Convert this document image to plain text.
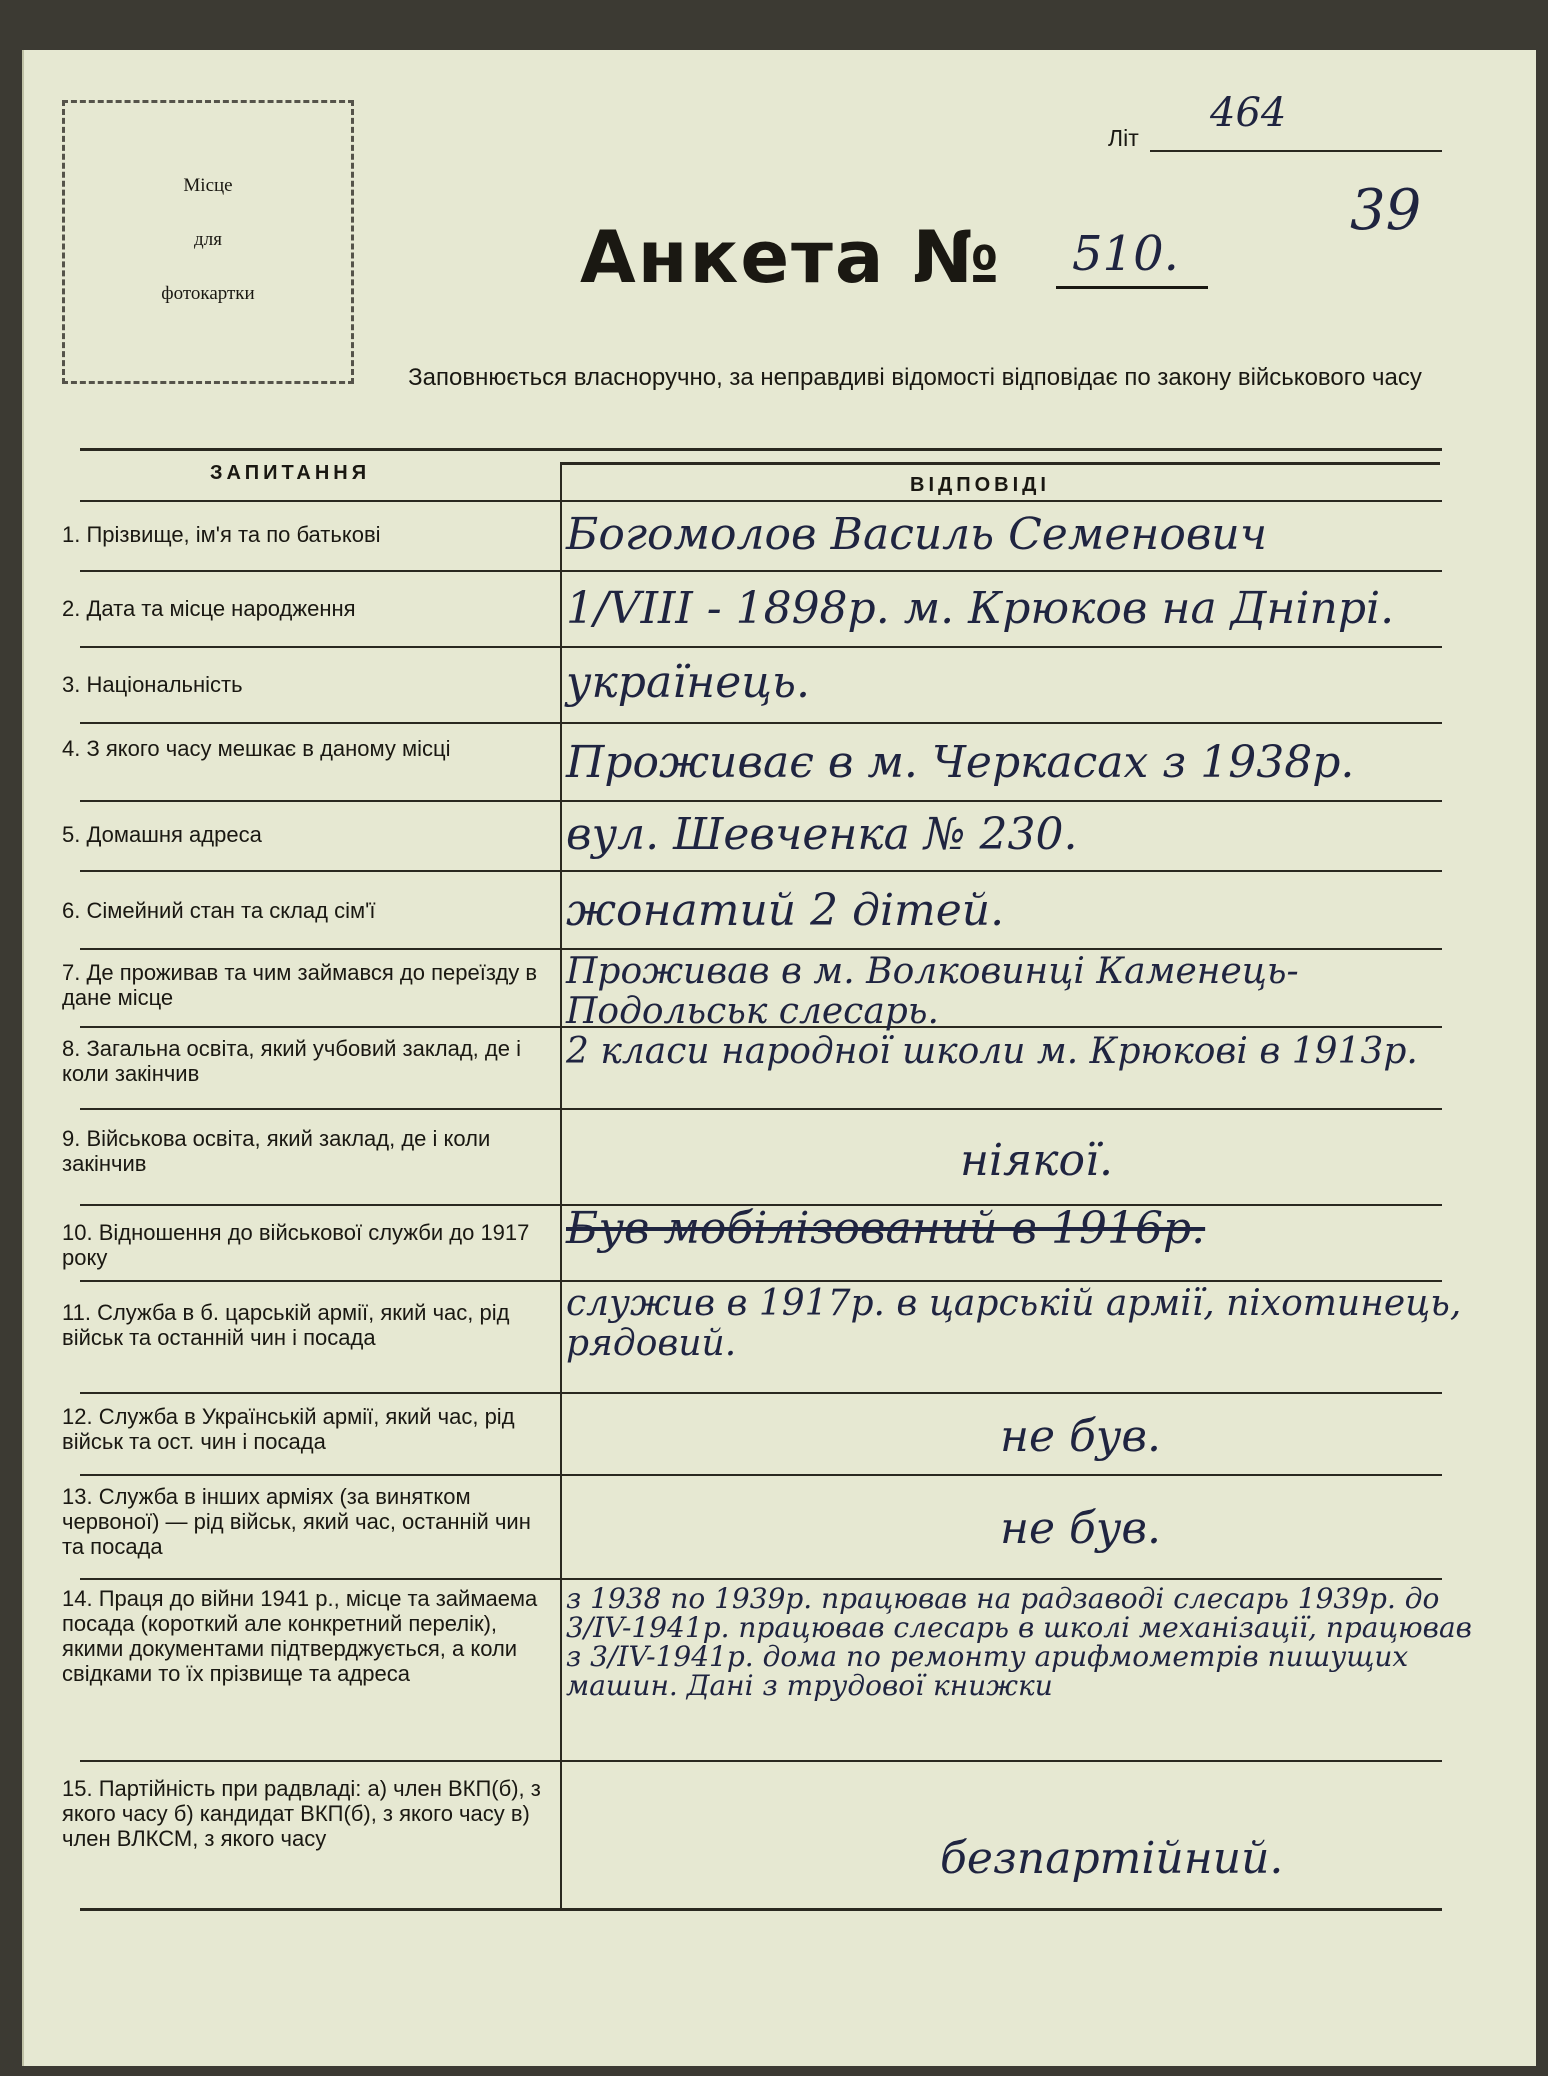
Місце
для
фотокартки
Літ
464
39
Анкета № 510.
Заповнюється власноручно, за неправдиві відомості відповідає по закону військового часу
ЗАПИТАННЯ
ВІДПОВІДІ
1. Прізвище, ім'я та по батькові
2. Дата та місце народження
3. Національність
4. З якого часу мешкає в даному місці
5. Домашня адреса
6. Сімейний стан та склад сім'ї
7. Де проживав та чим займався до переїзду в дане місце
8. Загальна освіта, який учбовий заклад, де і коли закінчив
9. Військова освіта, який заклад, де і коли закінчив
10. Відношення до військової служби до 1917 року
11. Служба в б. царській армії, який час, рід військ та останній чин і посада
12. Служба в Українській армії, який час, рід військ та ост. чин і посада
13. Служба в інших арміях (за винятком червоної) — рід військ, який час, останній чин та посада
14. Праця до війни 1941 р., місце та займаема посада (короткий але конкретний перелік), якими документами підтверджується, а коли свідками то їх прізвище та адреса
15. Партійність при радвладі: а) член ВКП(б), з якого часу б) кандидат ВКП(б), з якого часу в) член ВЛКСМ, з якого часу
Богомолов Василь Семенович
1/VIII - 1898р. м. Крюков на Дніпрі.
українець.
Проживає в м. Черкасах з 1938р.
вул. Шевченка № 230.
жонатий 2 дітей.
Проживав в м. Волковинцi Каменець-Подольськ слесарь.
2 класи народної школи м. Крюкові в 1913р.
ніякої.
Був мобілізований в 1916р.
служив в 1917р. в царській армії, піхотинець, рядовий.
не був.
не був.
з 1938 по 1939р. працював на радзаводі слесарь 1939р. до 3/IV-1941р. працював слесарь в школі механізації, працював з 3/IV-1941р. дома по ремонту арифмометрів пишущих машин. Дані з трудової книжки
безпартійний.
